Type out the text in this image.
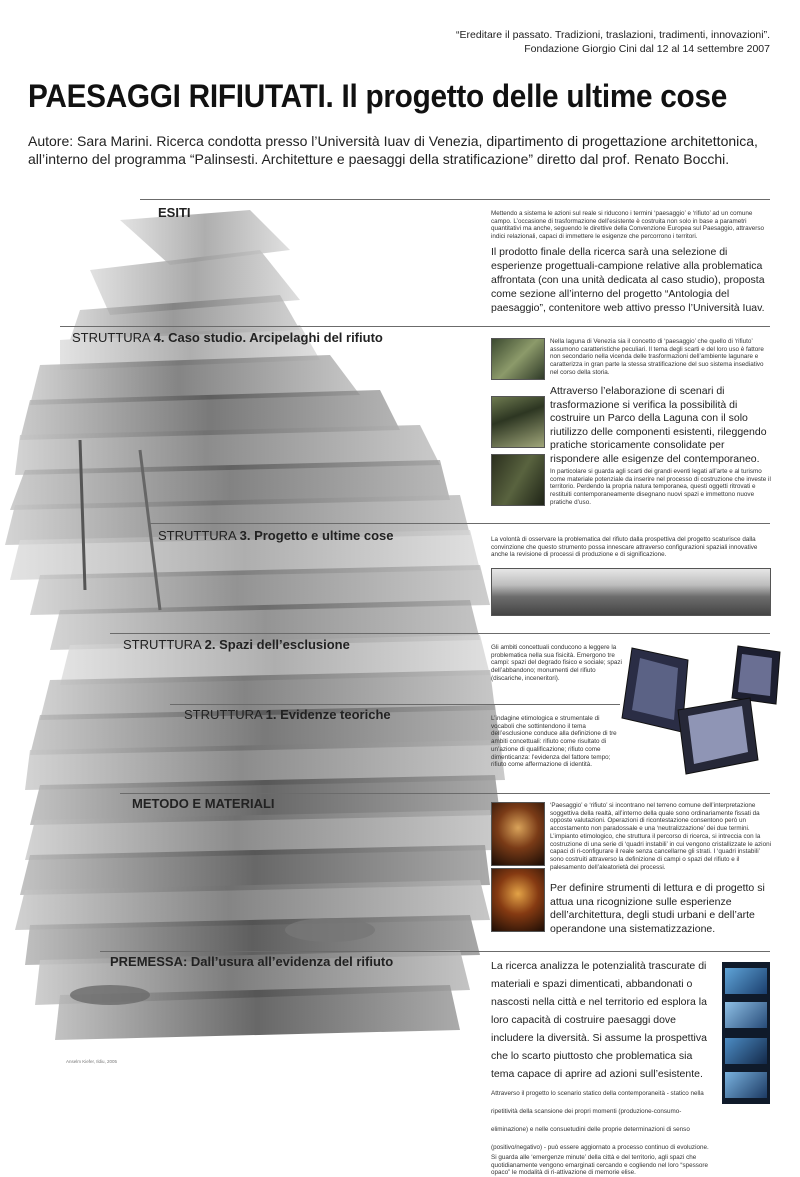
“Ereditare il passato. Tradizioni, traslazioni, tradimenti, innovazioni”.
Fondazione Giorgio Cini dal 12 al 14 settembre 2007
PAESAGGI RIFIUTATI. Il progetto delle ultime cose
Autore: Sara Marini. Ricerca condotta presso l’Università Iuav di Venezia, dipartimento di progettazione architettonica, all’interno del programma “Palinsesti. Architetture e paesaggi della stratificazione” diretto dal prof. Renato Bocchi.
ESITI	Mettendo a sistema le azioni sul reale si riducono i termini ‘paesaggio’ e ‘rifiuto’ ad un comune campo. L’occasione di trasformazione dell’esistente è costruita non solo in base a parametri quantitativi ma anche, seguendo le direttive della Convenzione Europea sul Paesaggio, attraverso indici relazionali, capaci di immettere le esigenze che percorrono i territori.
Il prodotto finale della ricerca sarà una selezione di esperienze progettuali-campione relative alla problematica affrontata (con una unità dedicata al caso studio), proposta come sezione all’interno del progetto “Antologia del paesaggio”, contenitore web attivo presso l’Università Iuav.
STRUTTURA 4. Caso studio. Arcipelaghi del rifiuto	Nella laguna di Venezia sia il concetto di ‘paesaggio’ che quello di ‘rifiuto’ assumono caratteristiche peculiari. Il tema degli scarti e del loro uso è fattore non secondario nella vicenda delle trasformazioni dell’ambiente lagunare e caratterizza in gran parte la stessa stratificazione del suo sistema insediativo nel corso della storia.
Attraverso l’elaborazione di scenari di trasformazione si verifica la possibilità di costruire un Parco della Laguna con il solo riutilizzo delle componenti esistenti, rileggendo pratiche storicamente consolidate per rispondere alle esigenze del contemporaneo.
In particolare si guarda agli scarti dei grandi eventi legati all’arte e al turismo come materiale potenziale da inserire nel processo di costruzione che investe il territorio. Perdendo la propria natura temporanea, questi oggetti ritrovati e restituiti contemporaneamente disegnano nuovi spazi e immettono nuove pratiche d’uso.
STRUTTURA 3. Progetto e ultime cose	La volontà di osservare la problematica del rifiuto dalla prospettiva del progetto scaturisce dalla convinzione che questo strumento possa innescare attraverso configurazioni spaziali innovative anche la revisione di processi di produzione e di significazione.
STRUTTURA 2. Spazi dell’esclusione	Gli ambiti concettuali conducono a leggere la problematica nella sua fisicità. Emergono tre campi: spazi del degrado fisico e sociale; spazi dell’abbandono; monumenti del rifiuto (discariche, inceneritori).
STRUTTURA 1. Evidenze teoriche	L’indagine etimologica e strumentale di vocaboli che sottintendono il tema dell’esclusione conduce alla definizione di tre ambiti concettuali: rifiuto come risultato di un’azione di qualificazione; rifiuto come dimenticanza: l’evidenza del fattore tempo; rifiuto come affermazione di identità.
METODO E MATERIALI	‘Paesaggio’ e ‘rifiuto’ si incontrano nel terreno comune dell’interpretazione soggettiva della realtà, all’interno della quale sono ordinariamente fissati da opposte valutazioni. Operazioni di ricontestazione consentono però un accostamento non paradossale e una ‘neutralizzazione’ dei due termini. L’impianto etimologico, che struttura il percorso di ricerca, si intreccia con la costruzione di una serie di ‘quadri instabili’ in cui vengono cristallizzate le azioni capaci di ri-configurare il reale senza cancellarne gli strati. I ‘quadri instabili’ sono costruiti attraverso la definizione di campi o spazi del rifiuto e il palesamento dell’aleatorietà dei processi.
Per definire strumenti di lettura e di progetto si attua una ricognizione sulle esperienze dell’architettura, degli studi urbani e dell’arte operandone una sistematizzazione.
PREMESSA: Dall’usura all’evidenza del rifiuto	La ricerca analizza le potenzialità trascurate di materiali e spazi dimenticati, abbandonati o nascosti nella città e nel territorio ed esplora la loro capacità di costruire paesaggi dove includere la diversità. Si assume la prospettiva che lo scarto piuttosto che problematica sia tema capace di aprire ad azioni sull’esistente. Attraverso il progetto lo scenario statico della contemporaneità - statico nella ripetitività della scansione dei propri momenti (produzione-consumo-eliminazione) e nelle consuetudini delle proprie determinazioni di senso (positivo/negativo) - può essere aggiornato a processo continuo di evoluzione.
Si guarda alle ‘emergenze minute’ della città e del territorio, agli spazi che quotidianamente vengono emarginati cercando e cogliendo nel loro “spessore opaco” le modalità di ri-attivazione di memorie elise.
Anselm Kiefer, Ildiu, 2005
